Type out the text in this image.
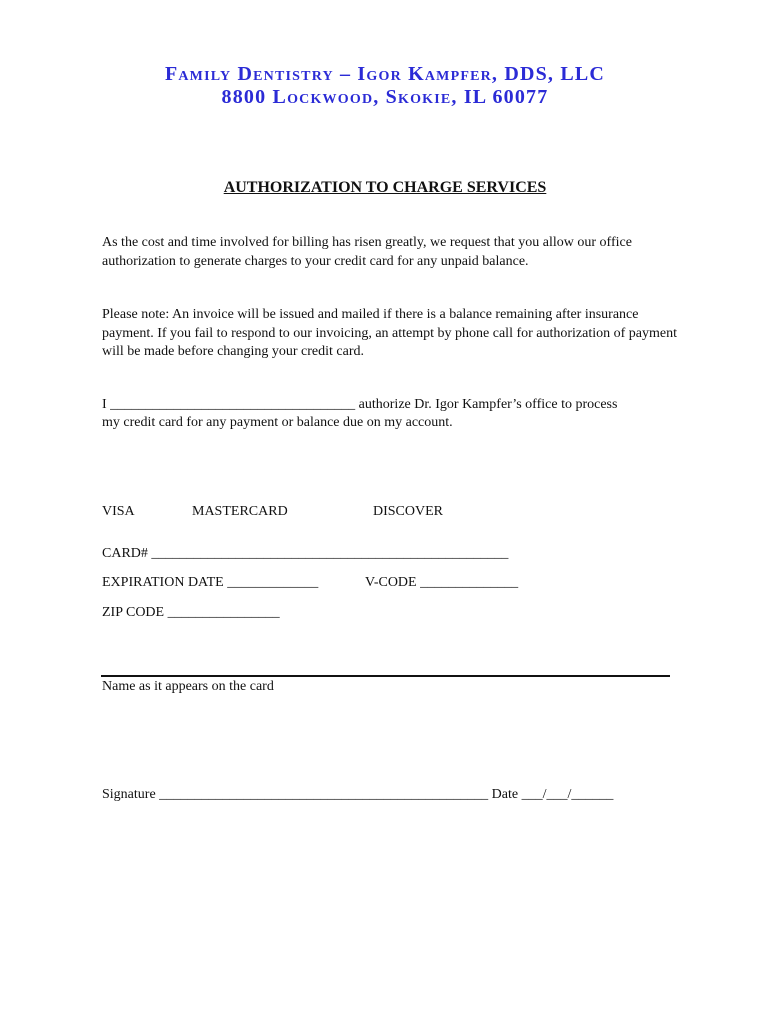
Family Dentistry – Igor Kampfer, DDS, LLC
8800 Lockwood, Skokie, IL 60077
AUTHORIZATION TO CHARGE SERVICES
As the cost and time involved for billing has risen greatly, we request that you allow our office authorization to generate charges to your credit card for any unpaid balance.
Please note: An invoice will be issued and mailed if there is a balance remaining after insurance payment. If you fail to respond to our invoicing, an attempt by phone call for authorization of payment will be made before changing your credit card.
I ___________________________________ authorize Dr. Igor Kampfer’s office to process
my credit card for any payment or balance due on my account.
VISA	MASTERCARD	DISCOVER
CARD# ___________________________________________________
EXPIRATION DATE _____________	V-CODE ______________
ZIP CODE ________________
Name as it appears on the card
Signature _______________________________________________ Date ___/___/______
